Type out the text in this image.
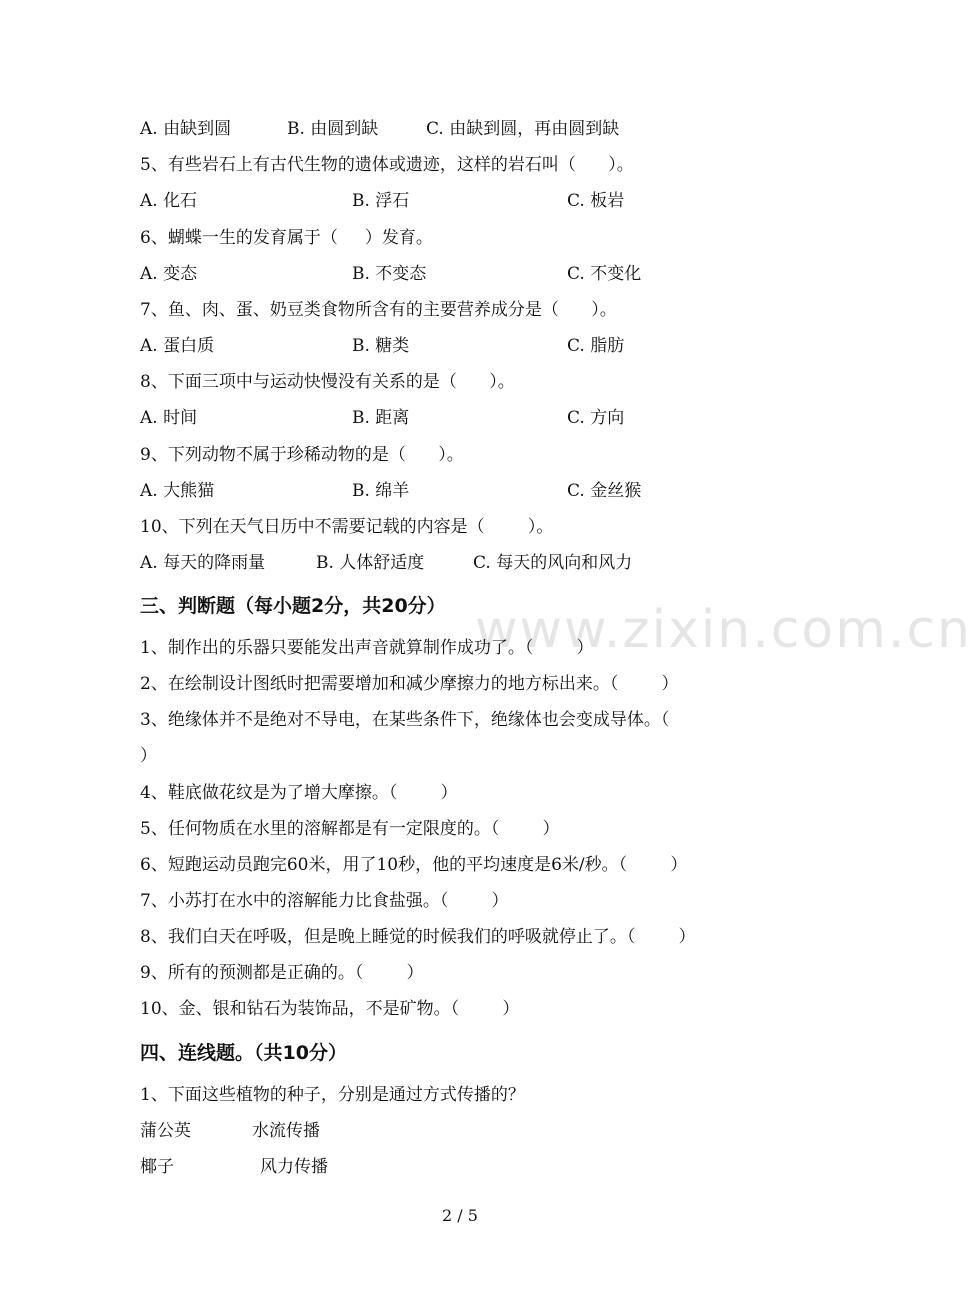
www.zixin.com.cn
A. 由缺到圆	B. 由圆到缺	C. 由缺到圆，再由圆到缺
5、有些岩石上有古代生物的遗体或遗迹，这样的岩石叫（      ）。
A. 化石	B. 浮石	C. 板岩
6、蝴蝶一生的发育属于（     ）发育。
A. 变态	B. 不变态	C. 不变化
7、鱼、肉、蛋、奶豆类食物所含有的主要营养成分是（      ）。
A. 蛋白质	B. 糖类	C. 脂肪
8、下面三项中与运动快慢没有关系的是（      ）。
A. 时间	B. 距离	C. 方向
9、下列动物不属于珍稀动物的是（      ）。
A. 大熊猫	B. 绵羊	C. 金丝猴
10、下列在天气日历中不需要记载的内容是（        ）。
A. 每天的降雨量	B. 人体舒适度	C. 每天的风向和风力
三、判断题（每小题2分，共20分）
1、制作出的乐器只要能发出声音就算制作成功了。（        ）
2、在绘制设计图纸时把需要增加和减少摩擦力的地方标出来。（        ）
3、绝缘体并不是绝对不导电，在某些条件下，绝缘体也会变成导体。（
）
4、鞋底做花纹是为了增大摩擦。（        ）
5、任何物质在水里的溶解都是有一定限度的。（        ）
6、短跑运动员跑完60米，用了10秒，他的平均速度是6米/秒。（        ）
7、小苏打在水中的溶解能力比食盐强。（        ）
8、我们白天在呼吸，但是晚上睡觉的时候我们的呼吸就停止了。（        ）
9、所有的预测都是正确的。（        ）
10、金、银和钻石为装饰品，不是矿物。（        ）
四、连线题。（共10分）
1、下面这些植物的种子，分别是通过方式传播的？
蒲公英	水流传播
椰子	风力传播
2 / 5
